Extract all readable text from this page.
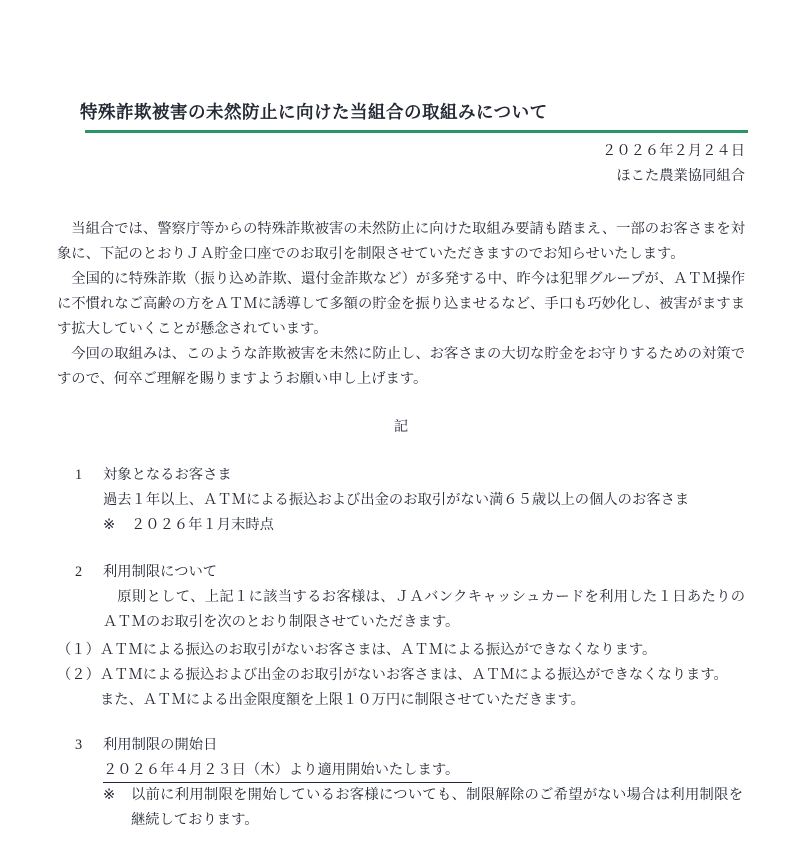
特殊詐欺被害の未然防止に向けた当組合の取組みについて
２０２６年２月２４日
ほこた農業協同組合

当組合では、警察庁等からの特殊詐欺被害の未然防止に向けた取組み要請も踏まえ、一部のお客さまを対象に、下記のとおりＪＡ貯金口座でのお取引を制限させていただきますのでお知らせいたします。

全国的に特殊詐欺（振り込め詐欺、還付金詐欺など）が多発する中、昨今は犯罪グループが、ＡＴＭ操作に不慣れなご高齢の方をＡＴＭに誘導して多額の貯金を振り込ませるなど、手口も巧妙化し、被害がますます拡大していくことが懸念されています。

今回の取組みは、このような詐欺被害を未然に防止し、お客さまの大切な貯金をお守りするための対策ですので、何卒ご理解を賜りますようお願い申し上げます。

記
1 対象となるお客さま

過去１年以上、ＡＴＭによる振込および出金のお取引がない満６５歳以上の個人のお客さま

※	２０２６年１月末時点
2 利用制限について

原則として、上記１に該当するお客様は、ＪＡバンクキャッシュカードを利用した１日あたりのＡＴＭのお取引を次のとおり制限させていただきます。

（１）ＡＴＭによる振込のお取引がないお客さまは、ＡＴＭによる振込ができなくなります。

（２）ＡＴＭによる振込および出金のお取引がないお客さまは、ＡＴＭによる振込ができなくなります。

また、ＡＴＭによる出金限度額を上限１０万円に制限させていただきます。

3 利用制限の開始日
２０２６年４月２３日（木）より適用開始いたします。
※	以前に利用制限を開始しているお客様についても、制限解除のご希望がない場合は利用制限を継続しております。
